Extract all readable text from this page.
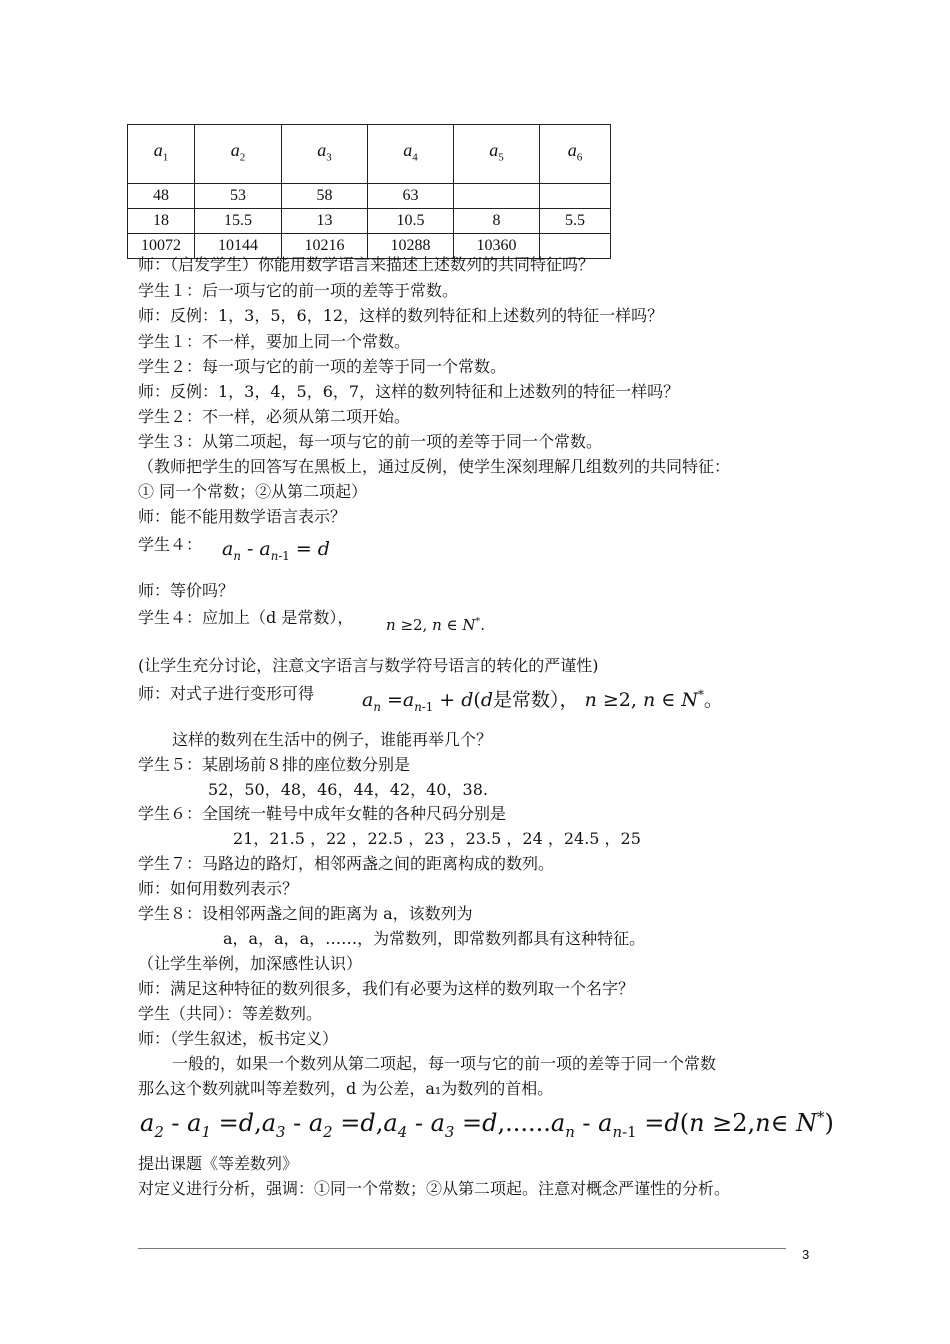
$a_1$	$a_2$	$a_3$	$a_4$	$a_5$	$a_6$
48	53	58	63		
18	15.5	13	10.5	8	5.5
10072	10144	10216	10288	10360	
师：（启发学生）你能用数学语言来描述上述数列的共同特征吗？
学生１：后一项与它的前一项的差等于常数。
师：反例：1，3，5，6，12，这样的数列特征和上述数列的特征一样吗？
学生１：不一样，要加上同一个常数。
学生２：每一项与它的前一项的差等于同一个常数。
师：反例：1，3，4，5，6，7，这样的数列特征和上述数列的特征一样吗？
学生２：不一样，必须从第二项开始。
学生３：从第二项起，每一项与它的前一项的差等于同一个常数。
（教师把学生的回答写在黑板上，通过反例，使学生深刻理解几组数列的共同特征：
① 同一个常数；②从第二项起）
师：能不能用数学语言表示？
学生４： $a_n - a_{n-1} = d$
师：等价吗？
学生４：应加上（d 是常数）， n ≥2, n ∈ N*.
(让学生充分讨论，注意文字语言与数学符号语言的转化的严谨性)
师：对式子进行变形可得	$a_n =a_{n-1} + d(d$是常数）， n ≥2, n ∈ N*。
这样的数列在生活中的例子，谁能再举几个？
学生５：某剧场前８排的座位数分别是
52，50，48，46，44，42，40，38.
学生６：全国统一鞋号中成年女鞋的各种尺码分别是
21，21.5 ，22 ，22.5 ，23 ，23.5 ，24 ，24.5 ，25
学生７：马路边的路灯，相邻两盏之间的距离构成的数列。
师：如何用数列表示？
学生８：设相邻两盏之间的距离为 a，该数列为
a，a，a，a，……，为常数列，即常数列都具有这种特征。
（让学生举例，加深感性认识）
师：满足这种特征的数列很多，我们有必要为这样的数列取一个名字？
学生（共同）：等差数列。
师：（学生叙述，板书定义）
一般的，如果一个数列从第二项起，每一项与它的前一项的差等于同一个常数
那么这个数列就叫等差数列，d 为公差，a₁为数列的首相。
$a_2 - a_1 =d,a_3 - a_2 =d,a_4 - a_3 =d,......a_n - a_{n-1} =d(n$ ≥2,n∈ N*)
提出课题《等差数列》
对定义进行分析，强调：①同一个常数；②从第二项起。注意对概念严谨性的分析。
3
